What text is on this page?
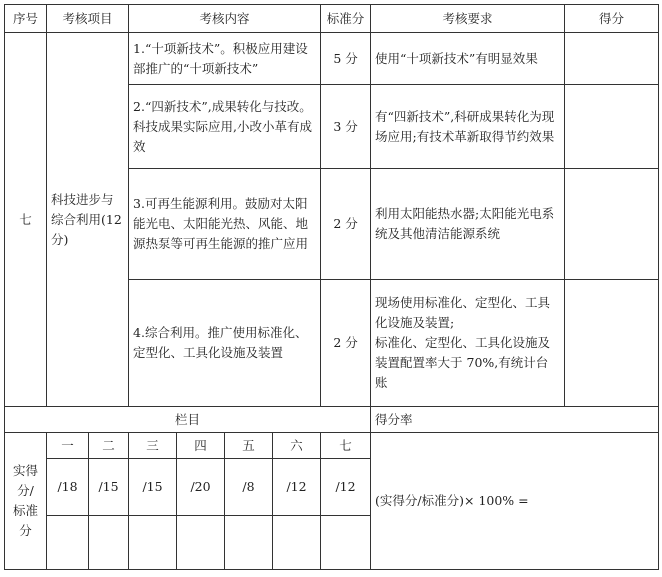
序号	考核项目		考核内容				标准分	考核要求	得分
七	科技进步与综合利用(12分)		1.“十项新技术”。积极应用建设部推广的“十项新技术”				5 分	使用“十项新技术”有明显效果	
			2.“四新技术”,成果转化与技改。科技成果实际应用,小改小革有成效				3 分	有“四新技术”,科研成果转化为现场应用;有技术革新取得节约效果	
			3.可再生能源利用。鼓励对太阳能光电、太阳能光热、风能、地源热泵等可再生能源的推广应用				2 分	利用太阳能热水器;太阳能光电系统及其他清洁能源系统	
			4.综合利用。推广使用标准化、定型化、工具化设施及装置				2 分	现场使用标准化、定型化、工具化设施及装置;
标准化、定型化、工具化设施及装置配置率大于 70%,有统计台账	
栏目								得分率	
实得分/标准分	一	二	三	四	五	六	七	(实得分/标准分)× 100% =	
	/18	/15	/15	/20	/8	/12	/12		
